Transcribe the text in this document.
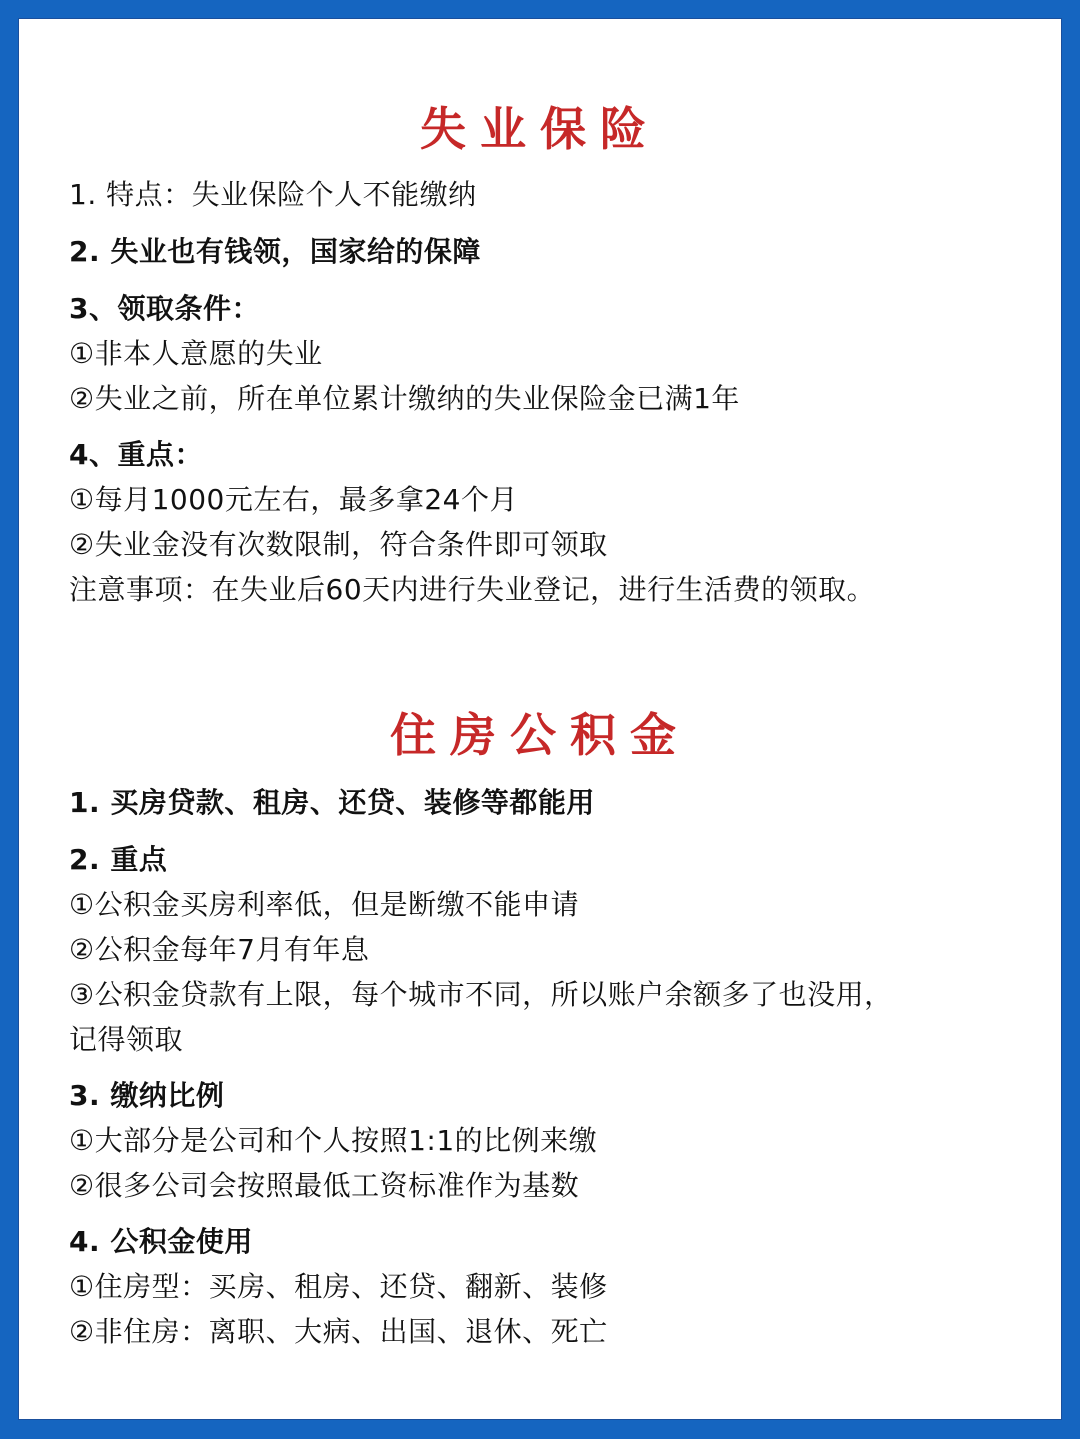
失业保险

1. 特点：失业保险个人不能缴纳

2. 失业也有钱领，国家给的保障

3、领取条件：

①非本人意愿的失业

②失业之前，所在单位累计缴纳的失业保险金已满1年

4、重点：

①每月1000元左右，最多拿24个月

②失业金没有次数限制，符合条件即可领取

注意事项：在失业后60天内进行失业登记，进行生活费的领取。

住房公积金

1. 买房贷款、租房、还贷、装修等都能用

2. 重点

①公积金买房利率低，但是断缴不能申请

②公积金每年7月有年息

③公积金贷款有上限，每个城市不同，所以账户余额多了也没用，

记得领取

3. 缴纳比例

①大部分是公司和个人按照1:1的比例来缴

②很多公司会按照最低工资标准作为基数

4. 公积金使用

①住房型：买房、租房、还贷、翻新、装修

②非住房：离职、大病、出国、退休、死亡
